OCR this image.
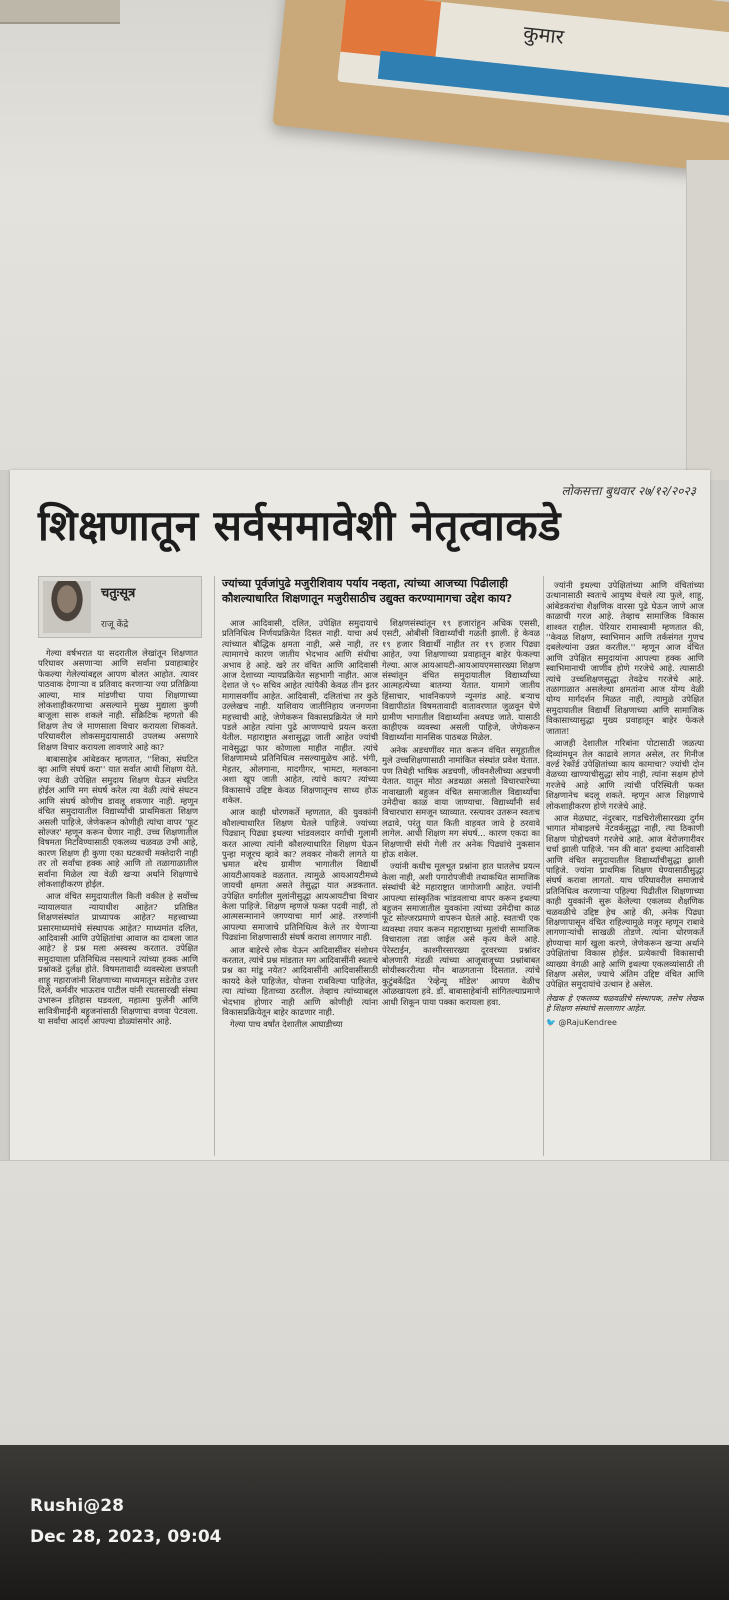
कुमार
लोकसत्ता बुधवार २७/१२/२०२३
शिक्षणातून सर्वसमावेशी नेतृत्वाकडे
चतुःसूत्र
राजू केंद्रे
ज्यांच्या पूर्वजांपुढे मजुरीशिवाय पर्याय नव्हता, त्यांच्या आजच्या पिढीलाही कौशल्याधारित शिक्षणातून मजुरीसाठीच उद्युक्त करण्यामागचा उद्देश काय?

गेल्या वर्षभरात या सदरातील लेखांतून शिक्षणात परिघावर असणाऱ्या आणि सर्वांना प्रवाहाबाहेर फेकल्या गेलेल्यांबद्दल आपण बोलत आहोत. त्यावर पाठवाक देणाऱ्या व प्रतिवाद करणाऱ्या ज्या प्रतिक्रिया आल्या, मात्र मांडणीचा पाया शिक्षणाच्या लोकशाहीकरणाचा असल्याने मुख्य मुद्याला कुणी बाजूला सारू शकले नाही. संक्रिटिक म्हणतो की शिक्षण तेच जे माणसाला विचार करायला शिकवते. परिघावरील लोकसमुदायासाठी उपलब्ध असणारे शिक्षण विचार करायला लावणारे आहे का?

बाबासाहेब आंबेडकर म्हणतात, ''शिका, संघटित व्हा आणि संघर्ष करा'' यात सर्वात आधी शिक्षण येते. ज्या वेळी उपेक्षित समुदाय शिक्षण घेऊन संघटित होईल आणि मग संघर्ष करेल त्या वेळी त्यांचे संघटन आणि संघर्ष कोणीच डावलू शकणार नाही. म्हणून वंचित समुदायातील विद्यार्थ्यांची प्राथमिकता शिक्षण असली पाहिजे, जेणेकरून कोणीही त्यांचा वापर 'फूट सोल्जर' म्हणून करून घेणार नाही. उच्च शिक्षणातील विषमता मिटविण्यासाठी एकलव्य चळवळ उभी आहे, कारण शिक्षण ही कुणा एका घटकाची मक्तेदारी नाही तर तो सर्वांचा हक्क आहे आणि तो तळागाळातील सर्वांना मिळेल त्या वेळी खऱ्या अर्थाने शिक्षणाचे लोकशाहीकरण होईल.

आज वंचित समुदायातील किती वकील हे सर्वोच्च न्यायालयात न्यायाधीश आहेत? प्रतिष्ठित शिक्षणसंस्थांत प्राध्यापक आहेत? महत्त्वाच्या प्रसारमाध्यमांचे संस्थापक आहेत? माध्यमांत दलित, आदिवासी आणि उपेक्षितांचा आवाज का दाबला जात आहे? हे प्रश्न मला अस्वस्थ करतात. उपेक्षित समुदायाला प्रतिनिधित्व नसल्याने त्यांच्या हक्क आणि प्रश्नांकडे दुर्लक्ष होते. विषमतावादी व्यवस्थेला छत्रपती शाहू महाराजांनी शिक्षणाच्या माध्यमातून सडेतोड उत्तर दिले, कर्मवीर भाऊराव पाटील यांनी रयतसारखी संस्था उभारून इतिहास घडवला, महात्मा फुलेंनी आणि सावित्रीमाईंनी बहुजनांसाठी शिक्षणाचा वणवा पेटवला. या सर्वांचा आदर्श आपल्या डोळ्यांसमोर आहे.

आज आदिवासी, दलित, उपेक्षित समुदायाचे प्रतिनिधित्व निर्णयप्रक्रियेत दिसत नाही. याचा अर्थ त्यांच्यात बौद्धिक क्षमता नाही, असे नाही, तर त्यामागचे कारण जातीय भेदभाव आणि संधीचा अभाव हे आहे. खरे तर वंचित आणि आदिवासी आज देशाच्या न्यायप्रक्रियेत सहभागी नाहीत. आज देशात जे ९० सचिव आहेत त्यांपैकी केवळ तीन इतर मागासवर्गीय आहेत. आदिवासी, दलितांचा तर कुठे उल्लेखच नाही. याशिवाय जातीनिहाय जनगणना महत्त्वाची आहे, जेणेकरून विकासप्रक्रियेत जे मागे पडले आहेत त्यांना पुढे आणण्याचे प्रयत्न करता येतील. महाराष्ट्रात अशासुद्धा जाती आहेत ज्यांची नावेसुद्धा फार कोणाला माहीत नाहीत. त्यांचे शिक्षणामध्ये प्रतिनिधित्व नसल्यामुळेच आहे. भंगी, मेहतर, ओलगाना, मादगीगर, भामटा, मलकाना अशा खूप जाती आहेत, त्यांचे काय? त्यांच्या विकासाचे उद्दिष्ट केवळ शिक्षणातूनच साध्य होऊ शकेल.

आज काही धोरणकर्ते म्हणतात, की युवकांनी कौशल्याधारित शिक्षण घेतले पाहिजे. ज्यांच्या पिढ्यान् पिढ्या इथल्या भांडवलदार वर्गाची गुलामी करत आल्या त्यांनी कौशल्याधारित शिक्षण घेऊन पुन्हा मजूरच व्हावे का? लवकर नोकरी लागते या भ्रमात बरेच ग्रामीण भागातील विद्यार्थी आयटीआयकडे वळतात. त्यामुळे आयआयटीमध्ये जायची क्षमता असते तेसुद्धा यात अडकतात. उपेक्षित वर्गातील मुलांनीसुद्धा आयआयटीचा विचार केला पाहिजे. शिक्षण म्हणजे फक्त पदवी नाही, तो आत्मसन्मानाने जगण्याचा मार्ग आहे. तरुणांनी आपल्या समाजाचे प्रतिनिधित्व केले तर येणाऱ्या पिढ्यांना शिक्षणासाठी संघर्ष करावा लागणार नाही.

आज बाहेरचे लोक येऊन आदिवासींवर संशोधन करतात, त्यांचे प्रश्न मांडतात मग आदिवासींनी स्वतःचे प्रश्न का मांडू नयेत? आदिवासींनी आदिवासींसाठी कायदे केले पाहिजेत, योजना राबविल्या पाहिजेत, त्या त्यांच्या हिताच्या ठरतील. तेव्हाच त्यांच्याबद्दल भेदभाव होणार नाही आणि कोणीही त्यांना विकासप्रक्रियेतून बाहेर काढणार नाही.

गेल्या पाच वर्षांत देशातील आघाडीच्या

शिक्षणसंस्थांतून १९ हजारांहून अधिक एससी, एसटी, ओबीसी विद्यार्थ्यांची गळती झाली. हे केवळ १९ हजार विद्यार्थी नाहीत तर १९ हजार पिढ्या आहेत, ज्या शिक्षणाच्या प्रवाहातून बाहेर फेकल्या गेल्या. आज आयआयटी-आयआयएमसारख्या शिक्षण संस्थांतून वंचित समुदायातील विद्यार्थ्यांच्या आत्महत्येच्या बातम्या येतात. यामागे जातीय हिंसाचार, भावनिकपणे न्यूनगंड आहे. बऱ्याच विद्यापीठांत विषमतावादी वातावरणात जुळवून घेणे ग्रामीण भागातील विद्यार्थ्यांना अवघड जाते. यासाठी काहीएक व्यवस्था असली पाहिजे, जेणेकरून विद्यार्थ्यांना मानसिक पाठबळ मिळेल.

अनेक अडचणींवर मात करून वंचित समूहातील मुले उच्चशिक्षणासाठी नामांकित संस्थांत प्रवेश घेतात. पण तिथेही भाषिक अडचणी, जीवनशैलीच्या अडचणी येतात. यातून मोठा अडथळा असतो विचारधारेच्या नावाखाली बहुजन वंचित समाजातील विद्यार्थ्यांचा उमेदीचा काळ वाया जाण्याचा. विद्यार्थ्यांनी सर्व विचारधारा समजून घ्याव्यात. रस्त्यावर उतरून स्वतःच लढावे, परंतु यात किती वाहवत जावे हे ठरवावे लागेल. आधी शिक्षण मग संघर्ष... कारण एकदा का शिक्षणाची संधी गेली तर अनेक पिढ्यांचे नुकसान होऊ शकेल.

ज्यांनी कधीच मूलभूत प्रश्नांना हात घातलेच प्रयत्न केला नाही, अशी पगारोपजीवी तथाकथित सामाजिक संस्थांची बेटे महाराष्ट्रात जागोजागी आहेत. ज्यांनी आपल्या सांस्कृतिक भांडवलाचा वापर करून इथल्या बहुजन समाजातील युवकांना त्यांच्या उमेदीचा काळ फूट सोल्जरप्रमाणे वापरून घेतले आहे. स्वतःची एक व्यवस्था तयार करून महाराष्ट्राच्या मुलांची सामाजिक विचाराला तडा जाईल असे कृत्य केले आहे. पेरेस्टाईन, काश्मीरसारख्या दूरवरच्या प्रश्नांवर बोलणारी मंडळी त्यांच्या आजूबाजूच्या प्रश्नांबाबत सोयीस्कररीत्या मौन बाळगताना दिसतात. त्यांचे कुटुंबकेंद्रित 'रेव्हेन्यू मॉडेल' आपण वेळीच ओळखायला हवे. डॉ. बाबासाहेबांनी सांगितल्याप्रमाणे आधी शिकून पाया पक्का करायला हवा.

ज्यांनी इथल्या उपेक्षितांच्या आणि वंचितांच्या उत्थानासाठी स्वतःचे आयुष्य वेचले त्या फुले, शाहू, आंबेडकरांचा शैक्षणिक वारसा पुढे घेऊन जाणे आज काळाची गरज आहे. तेव्हाच सामाजिक विकास शाश्वत राहील. पेरियार रामास्वामी म्हणतात की, ''केवळ शिक्षण, स्वाभिमान आणि तर्कसंगत गुणच दबलेल्यांना उन्नत करतील.'' म्हणून आज वंचित आणि उपेक्षित समुदायांना आपल्या हक्क आणि स्वाभिमानाची जाणीव होणे गरजेचे आहे. त्यासाठी त्यांचे उच्चशिक्षणसुद्धा तेवढेच गरजेचे आहे. तळागाळात असलेल्या क्षमतांना आज योग्य वेळी योग्य मार्गदर्शन मिळत नाही, त्यामुळे उपेक्षित समुदायातील विद्यार्थी शिक्षणाच्या आणि सामाजिक विकासाच्यासुद्धा मुख्य प्रवाहातून बाहेर फेकले जातात!

आजही देशातील गरिबांना पोटासाठी जळत्या दिव्यांमधून तेल काढावे लागत असेल, तर गिनीज वर्ल्ड रेकॉर्ड उपेक्षितांच्या काय कामाचा? ज्यांची दोन वेळच्या खाण्याचीसुद्धा सोय नाही, त्यांना सक्षम होणे गरजेचे आहे आणि त्यांची परिस्थिती फक्त शिक्षणानेच बदलू शकते. म्हणून आज शिक्षणाचे लोकशाहीकरण होणे गरजेचे आहे.

आज मेळघाट, नंदुरबार, गडचिरोलीसारख्या दुर्गम भागात मोबाइलचे नेटवर्कसुद्धा नाही, त्या ठिकाणी शिक्षण पोहोचवणे गरजेचे आहे. आज बेरोजगारीवर चर्चा झाली पाहिजे. 'मन की बात' इथल्या आदिवासी आणि वंचित समुदायातील विद्यार्थ्यांचीसुद्धा झाली पाहिजे. ज्यांना प्राथमिक शिक्षण घेण्यासाठीसुद्धा संघर्ष करावा लागतो. याच परिघावरील समाजाचे प्रतिनिधित्व करणाऱ्या पहिल्या पिढीतील शिक्षणाच्या काही युवकांनी सुरू केलेल्या एकलव्य शैक्षणिक चळवळीचे उद्दिष्ट हेच आहे की, अनेक पिढ्या शिक्षणापासून वंचित राहिल्यामुळे मजूर म्हणून राबावे लागणाऱ्यांची साखळी तोडणे. त्यांना धोरणकर्ते होण्याचा मार्ग खुला करणे, जेणेकरून खऱ्या अर्थाने उपेक्षितांचा विकास होईल. प्रत्येकाची विकासाची व्याख्या वेगळी आहे आणि इथल्या एकलव्यांसाठी ती शिक्षण असेल, ज्याचे अंतिम उद्दिष्ट वंचित आणि उपेक्षित समुदायांचे उत्थान हे असेल.

लेखक हे एकलव्य चळवळीचे संस्थापक, तसेच लेखक हे शिक्षण संस्थांचे सल्लागार आहेत.
🐦 @RajuKendree
Rushi@28
Dec 28, 2023, 09:04
